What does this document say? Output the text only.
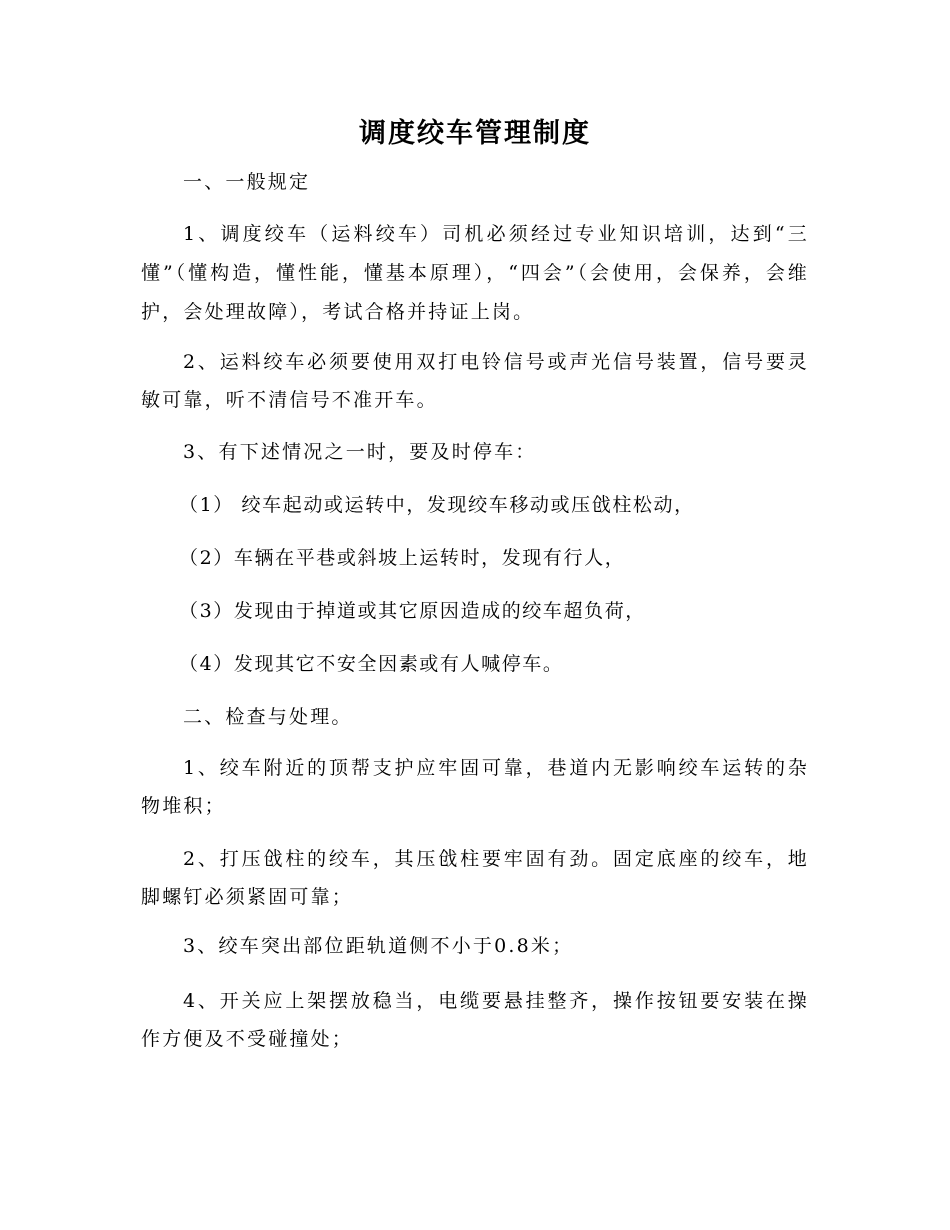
调度绞车管理制度

一、一般规定

1、调度绞车（运料绞车）司机必须经过专业知识培训，达到“三懂”（懂构造，懂性能，懂基本原理），“四会”（会使用，会保养，会维护，会处理故障），考试合格并持证上岗。

2、运料绞车必须要使用双打电铃信号或声光信号装置，信号要灵敏可靠，听不清信号不准开车。

3、有下述情况之一时，要及时停车：

（1） 绞车起动或运转中，发现绞车移动或压戗柱松动，

（2）车辆在平巷或斜坡上运转时，发现有行人，

（3）发现由于掉道或其它原因造成的绞车超负荷，

（4）发现其它不安全因素或有人喊停车。

二、检查与处理。

1、绞车附近的顶帮支护应牢固可靠，巷道内无影响绞车运转的杂物堆积；

2、打压戗柱的绞车，其压戗柱要牢固有劲。固定底座的绞车，地脚螺钉必须紧固可靠；

3、绞车突出部位距轨道侧不小于0.8米；

4、开关应上架摆放稳当，电缆要悬挂整齐，操作按钮要安装在操作方便及不受碰撞处；
